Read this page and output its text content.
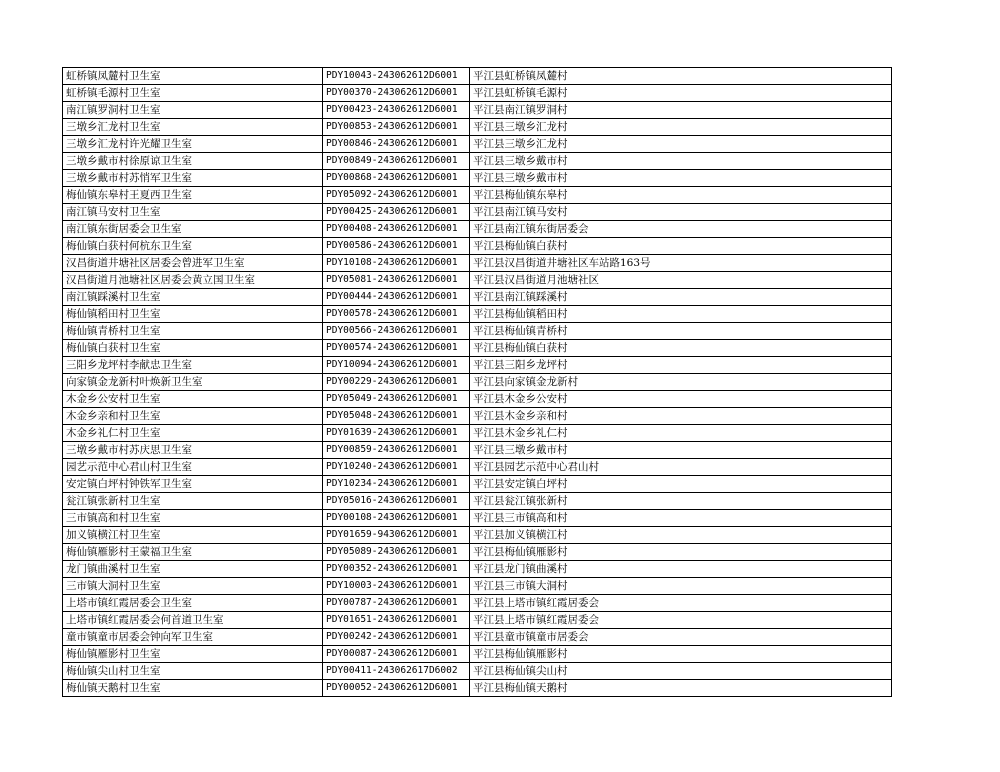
虹桥镇凤麓村卫生室	PDY10043-243062612D6001	平江县虹桥镇凤麓村
虹桥镇毛源村卫生室	PDY00370-243062612D6001	平江县虹桥镇毛源村
南江镇罗洞村卫生室	PDY00423-243062612D6001	平江县南江镇罗洞村
三墩乡汇龙村卫生室	PDY00853-243062612D6001	平江县三墩乡汇龙村
三墩乡汇龙村许光耀卫生室	PDY00846-243062612D6001	平江县三墩乡汇龙村
三墩乡戴市村徐原谅卫生室	PDY00849-243062612D6001	平江县三墩乡戴市村
三墩乡戴市村苏悄军卫生室	PDY00868-243062612D6001	平江县三墩乡戴市村
梅仙镇东皋村王夏西卫生室	PDY05092-243062612D6001	平江县梅仙镇东皋村
南江镇马安村卫生室	PDY00425-243062612D6001	平江县南江镇马安村
南江镇东街居委会卫生室	PDY00408-243062612D6001	平江县南江镇东街居委会
梅仙镇白获村何杭东卫生室	PDY00586-243062612D6001	平江县梅仙镇白获村
汉昌街道井塘社区居委会曾进军卫生室	PDY10108-243062612D6001	平江县汉昌街道井塘社区车站路163号
汉昌街道月池塘社区居委会黄立国卫生室	PDY05081-243062612D6001	平江县汉昌街道月池塘社区
南江镇踩溪村卫生室	PDY00444-243062612D6001	平江县南江镇踩溪村
梅仙镇稻田村卫生室	PDY00578-243062612D6001	平江县梅仙镇稻田村
梅仙镇青桥村卫生室	PDY00566-243062612D6001	平江县梅仙镇青桥村
梅仙镇白获村卫生室	PDY00574-243062612D6001	平江县梅仙镇白获村
三阳乡龙坪村李献忠卫生室	PDY10094-243062612D6001	平江县三阳乡龙坪村
向家镇金龙新村叶焕新卫生室	PDY00229-243062612D6001	平江县向家镇金龙新村
木金乡公安村卫生室	PDY05049-243062612D6001	平江县木金乡公安村
木金乡亲和村卫生室	PDY05048-243062612D6001	平江县木金乡亲和村
木金乡礼仁村卫生室	PDY01639-243062612D6001	平江县木金乡礼仁村
三墩乡戴市村苏庆思卫生室	PDY00859-243062612D6001	平江县三墩乡戴市村
园艺示范中心君山村卫生室	PDY10240-243062612D6001	平江县园艺示范中心君山村
安定镇白坪村钟铁军卫生室	PDY10234-243062612D6001	平江县安定镇白坪村
瓮江镇张新村卫生室	PDY05016-243062612D6001	平江县瓮江镇张新村
三市镇高和村卫生室	PDY00108-243062612D6001	平江县三市镇高和村
加义镇横江村卫生室	PDY01659-943062612D6001	平江县加义镇横江村
梅仙镇雁影村王蒙福卫生室	PDY05089-243062612D6001	平江县梅仙镇雁影村
龙门镇曲溪村卫生室	PDY00352-243062612D6001	平江县龙门镇曲溪村
三市镇大洞村卫生室	PDY10003-243062612D6001	平江县三市镇大洞村
上塔市镇红霞居委会卫生室	PDY00787-243062612D6001	平江县上塔市镇红霞居委会
上塔市镇红霞居委会何首道卫生室	PDY01651-243062612D6001	平江县上塔市镇红霞居委会
童市镇童市居委会钟向军卫生室	PDY00242-243062612D6001	平江县童市镇童市居委会
梅仙镇雁影村卫生室	PDY00087-243062612D6001	平江县梅仙镇雁影村
梅仙镇尖山村卫生室	PDY00411-243062617D6002	平江县梅仙镇尖山村
梅仙镇天鹅村卫生室	PDY00052-243062612D6001	平江县梅仙镇天鹅村
